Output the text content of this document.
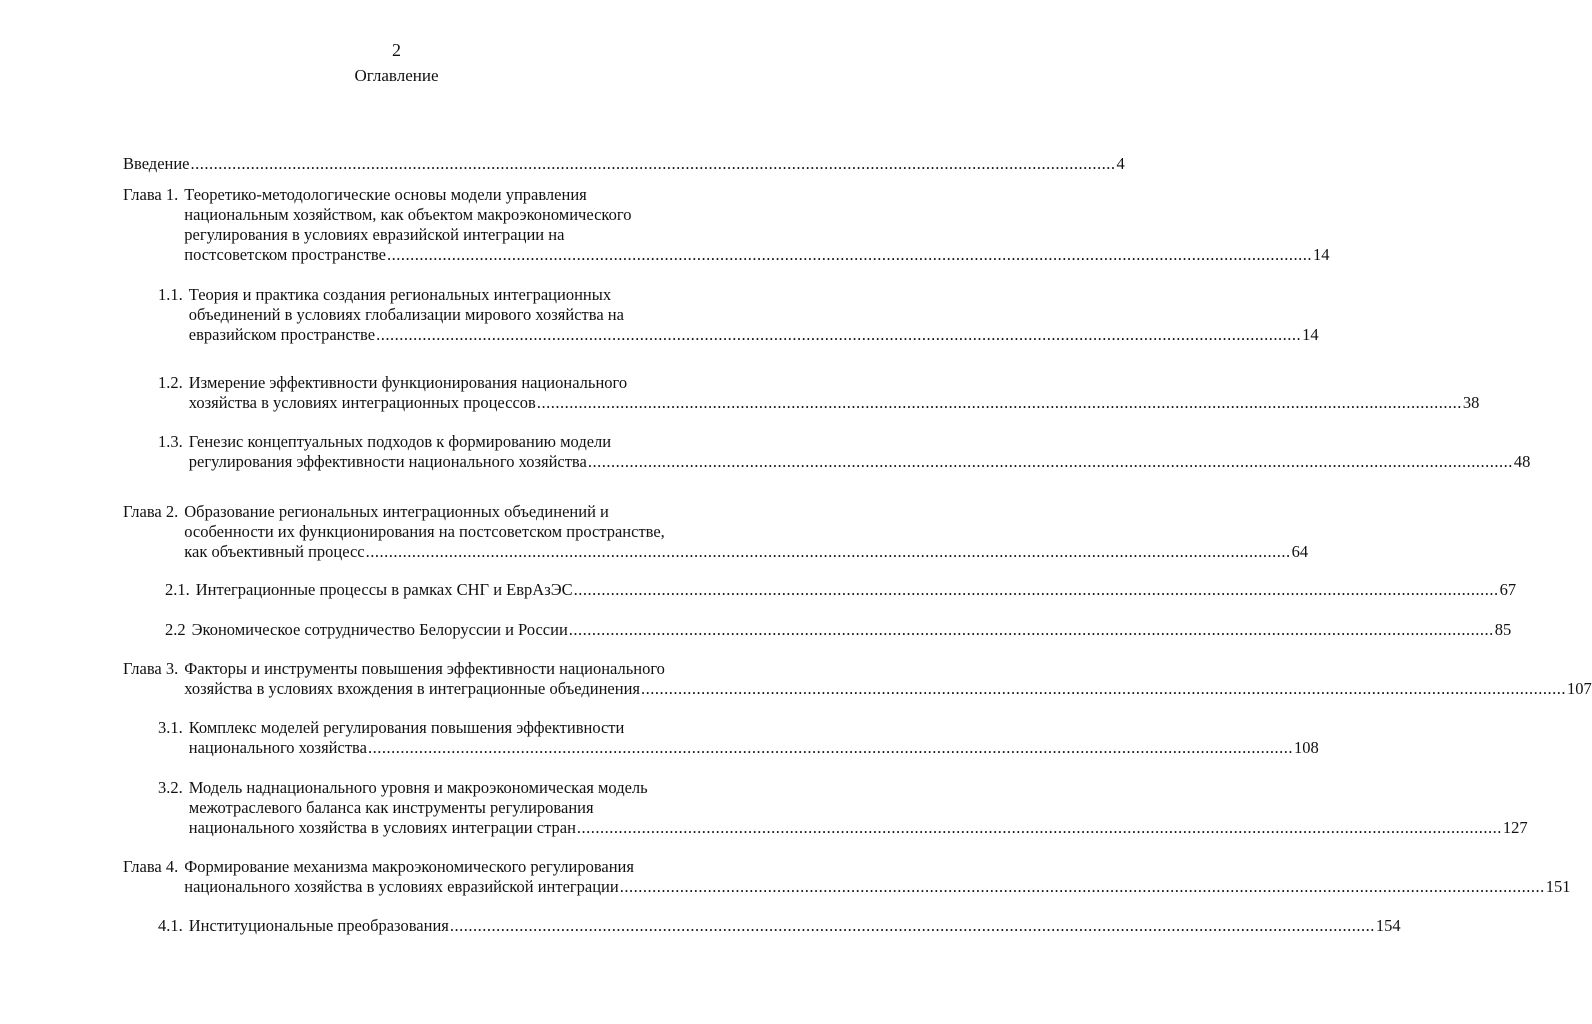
2
Оглавление
Введение ........................................................................................................................................................................................................ 4
Глава 1. Теоретико-методологические основы модели управления
национальным хозяйством, как объектом макроэкономического
регулирования в условиях евразийской интеграции на
постсоветском пространстве ........................................................................................................................................................................................................ 14
1.1. Теория и практика создания региональных интеграционных
объединений в условиях глобализации мирового хозяйства на
евразийском пространстве ........................................................................................................................................................................................................ 14
1.2. Измерение эффективности функционирования национального
хозяйства в условиях интеграционных процессов ........................................................................................................................................................................................................ 38
1.3. Генезис концептуальных подходов к формированию модели
регулирования эффективности национального хозяйства ........................................................................................................................................................................................................ 48
Глава 2. Образование региональных интеграционных объединений и
особенности их функционирования на постсоветском пространстве,
как объективный процесс ........................................................................................................................................................................................................ 64
2.1. Интеграционные процессы в рамках СНГ и ЕврАзЭС ........................................................................................................................................................................................................ 67
2.2 Экономическое сотрудничество Белоруссии и России ........................................................................................................................................................................................................ 85
Глава 3. Факторы и инструменты повышения эффективности национального
хозяйства в условиях вхождения в интеграционные объединения ........................................................................................................................................................................................................ 107
3.1. Комплекс моделей регулирования повышения эффективности
национального хозяйства ........................................................................................................................................................................................................ 108
3.2. Модель наднационального уровня и макроэкономическая модель
межотраслевого баланса как инструменты регулирования
национального хозяйства в условиях интеграции стран ........................................................................................................................................................................................................ 127
Глава 4. Формирование механизма макроэкономического регулирования
национального хозяйства в условиях евразийской интеграции ........................................................................................................................................................................................................ 151
4.1. Институциональные преобразования ........................................................................................................................................................................................................ 154
